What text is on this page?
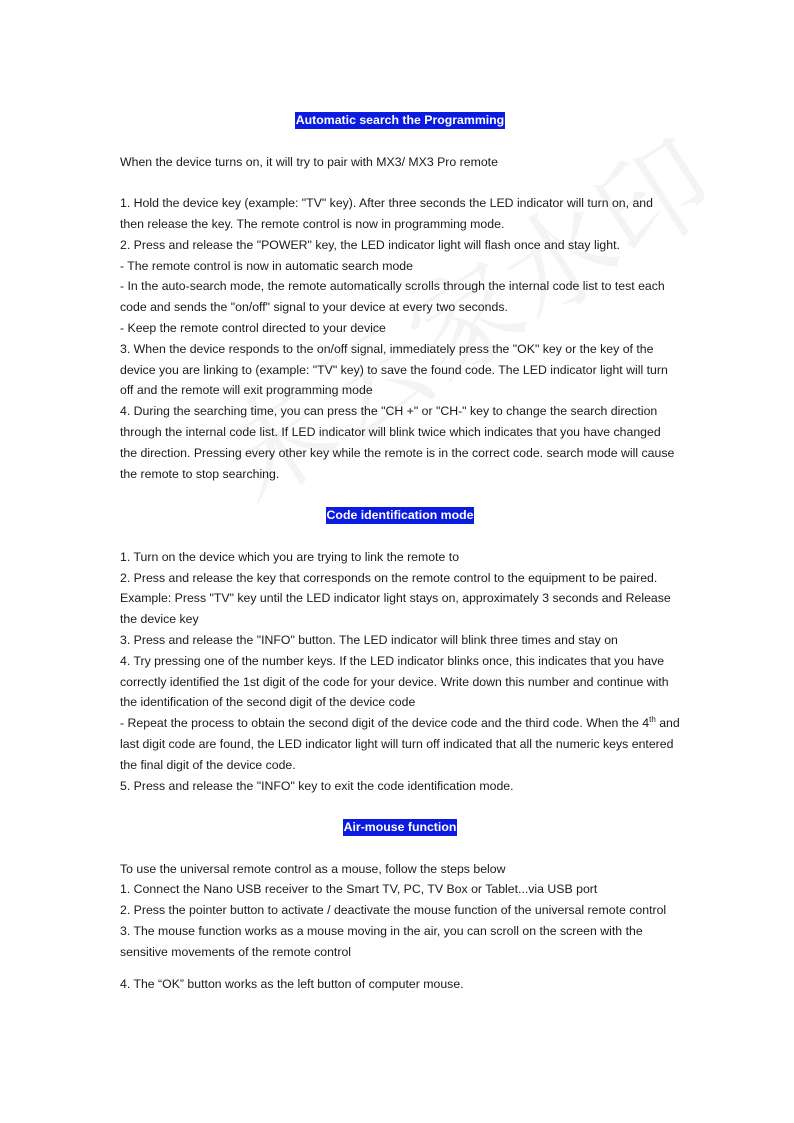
Automatic search the Programming

When the device turns on, it will try to pair with MX3/ MX3 Pro remote

1. Hold the device key (example: "TV" key). After three seconds the LED indicator will turn on, and then release the key. The remote control is now in programming mode.

2. Press and release the "POWER" key, the LED indicator light will flash once and stay light.

- The remote control is now in automatic search mode

- In the auto-search mode, the remote automatically scrolls through the internal code list to test each code and sends the "on/off" signal to your device at every two seconds.

- Keep the remote control directed to your device

3. When the device responds to the on/off signal, immediately press the "OK" key or the key of the device you are linking to (example: "TV" key) to save the found code. The LED indicator light will turn off and the remote will exit programming mode

4. During the searching time, you can press the "CH +" or "CH-" key to change the search direction through the internal code list. If LED indicator will blink twice which indicates that you have changed the direction. Pressing every other key while the remote is in the correct code. search mode will cause the remote to stop searching.

Code identification mode

1. Turn on the device which you are trying to link the remote to

2. Press and release the key that corresponds on the remote control to the equipment to be paired. Example: Press "TV" key until the LED indicator light stays on, approximately 3 seconds and Release the device key

3. Press and release the "INFO" button. The LED indicator will blink three times and stay on

4. Try pressing one of the number keys. If the LED indicator blinks once, this indicates that you have correctly identified the 1st digit of the code for your device. Write down this number and continue with the identification of the second digit of the device code

- Repeat the process to obtain the second digit of the device code and the third code. When the 4th and last digit code are found, the LED indicator light will turn off indicated that all the numeric keys entered the final digit of the device code.

5. Press and release the "INFO" key to exit the code identification mode.

Air-mouse function

To use the universal remote control as a mouse, follow the steps below

1. Connect the Nano USB receiver to the Smart TV, PC, TV Box or Tablet...via USB port

2. Press the pointer button to activate / deactivate the mouse function of the universal remote control

3. The mouse function works as a mouse moving in the air, you can scroll on the screen with the sensitive movements of the remote control

4. The “OK” button works as the left button of computer mouse.
